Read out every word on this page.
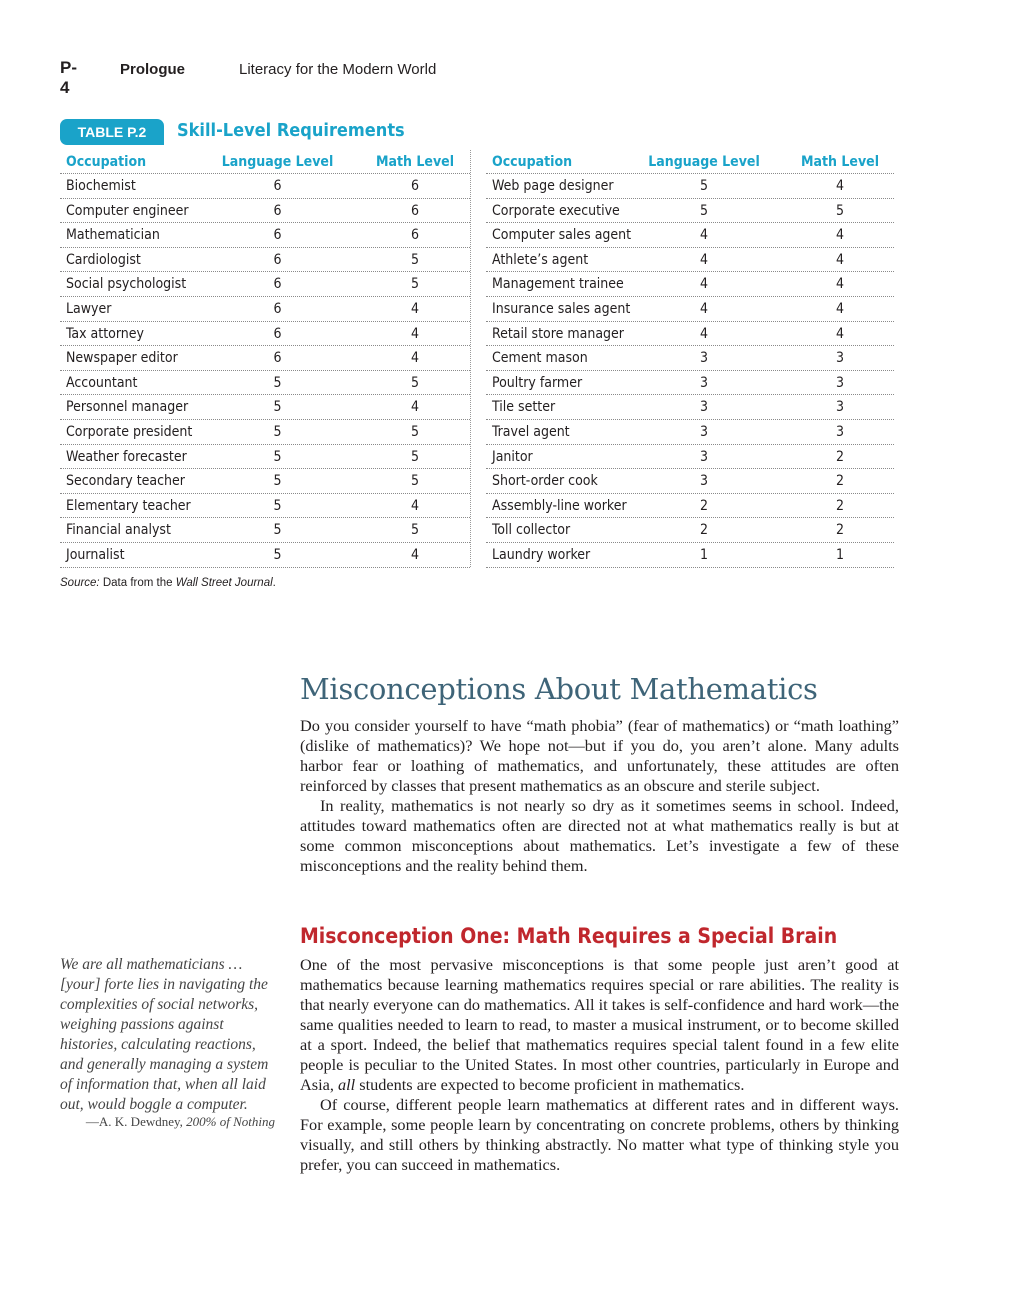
P-4
Prologue	Literacy for the Modern World
TABLE P.2	Skill-Level Requirements
Occupation	Language Level	Math Level
Biochemist	6	6
Computer engineer	6	6
Mathematician	6	6
Cardiologist	6	5
Social psychologist	6	5
Lawyer	6	4
Tax attorney	6	4
Newspaper editor	6	4
Accountant	5	5
Personnel manager	5	4
Corporate president	5	5
Weather forecaster	5	5
Secondary teacher	5	5
Elementary teacher	5	4
Financial analyst	5	5
Journalist	5	4
Occupation	Language Level	Math Level
Web page designer	5	4
Corporate executive	5	5
Computer sales agent	4	4
Athlete’s agent	4	4
Management trainee	4	4
Insurance sales agent	4	4
Retail store manager	4	4
Cement mason	3	3
Poultry farmer	3	3
Tile setter	3	3
Travel agent	3	3
Janitor	3	2
Short-order cook	3	2
Assembly-line worker	2	2
Toll collector	2	2
Laundry worker	1	1
Source: Data from the Wall Street Journal.
Misconceptions About Mathematics

Do you consider yourself to have “math phobia” (fear of mathematics) or “math loathing” (dislike of mathematics)? We hope not—but if you do, you aren’t alone. Many adults harbor fear or loathing of mathematics, and unfortunately, these attitudes are often reinforced by classes that present mathematics as an obscure and sterile subject.

In reality, mathematics is not nearly so dry as it sometimes seems in school. Indeed, attitudes toward mathematics often are directed not at what mathematics really is but at some common misconceptions about mathematics. Let’s investigate a few of these misconceptions and the reality behind them.

Misconception One: Math Requires a Special Brain

One of the most pervasive misconceptions is that some people just aren’t good at mathematics because learning mathematics requires special or rare abilities. The reality is that nearly everyone can do mathematics. All it takes is self-confidence and hard work—the same qualities needed to learn to read, to master a musical instrument, or to become skilled at a sport. Indeed, the belief that mathematics requires special talent found in a few elite people is peculiar to the United States. In most other countries, particularly in Europe and Asia, all students are expected to become proficient in mathematics.

Of course, different people learn mathematics at different rates and in different ways. For example, some people learn by concentrating on concrete problems, others by thinking visually, and still others by thinking abstractly. No matter what type of thinking style you prefer, you can succeed in mathematics.

We are all mathematicians … [your] forte lies in navigating the complexities of social networks, weighing passions against histories, calculating reactions, and generally managing a system of information that, when all laid out, would boggle a computer.
—A. K. Dewdney, 200% of Nothing
